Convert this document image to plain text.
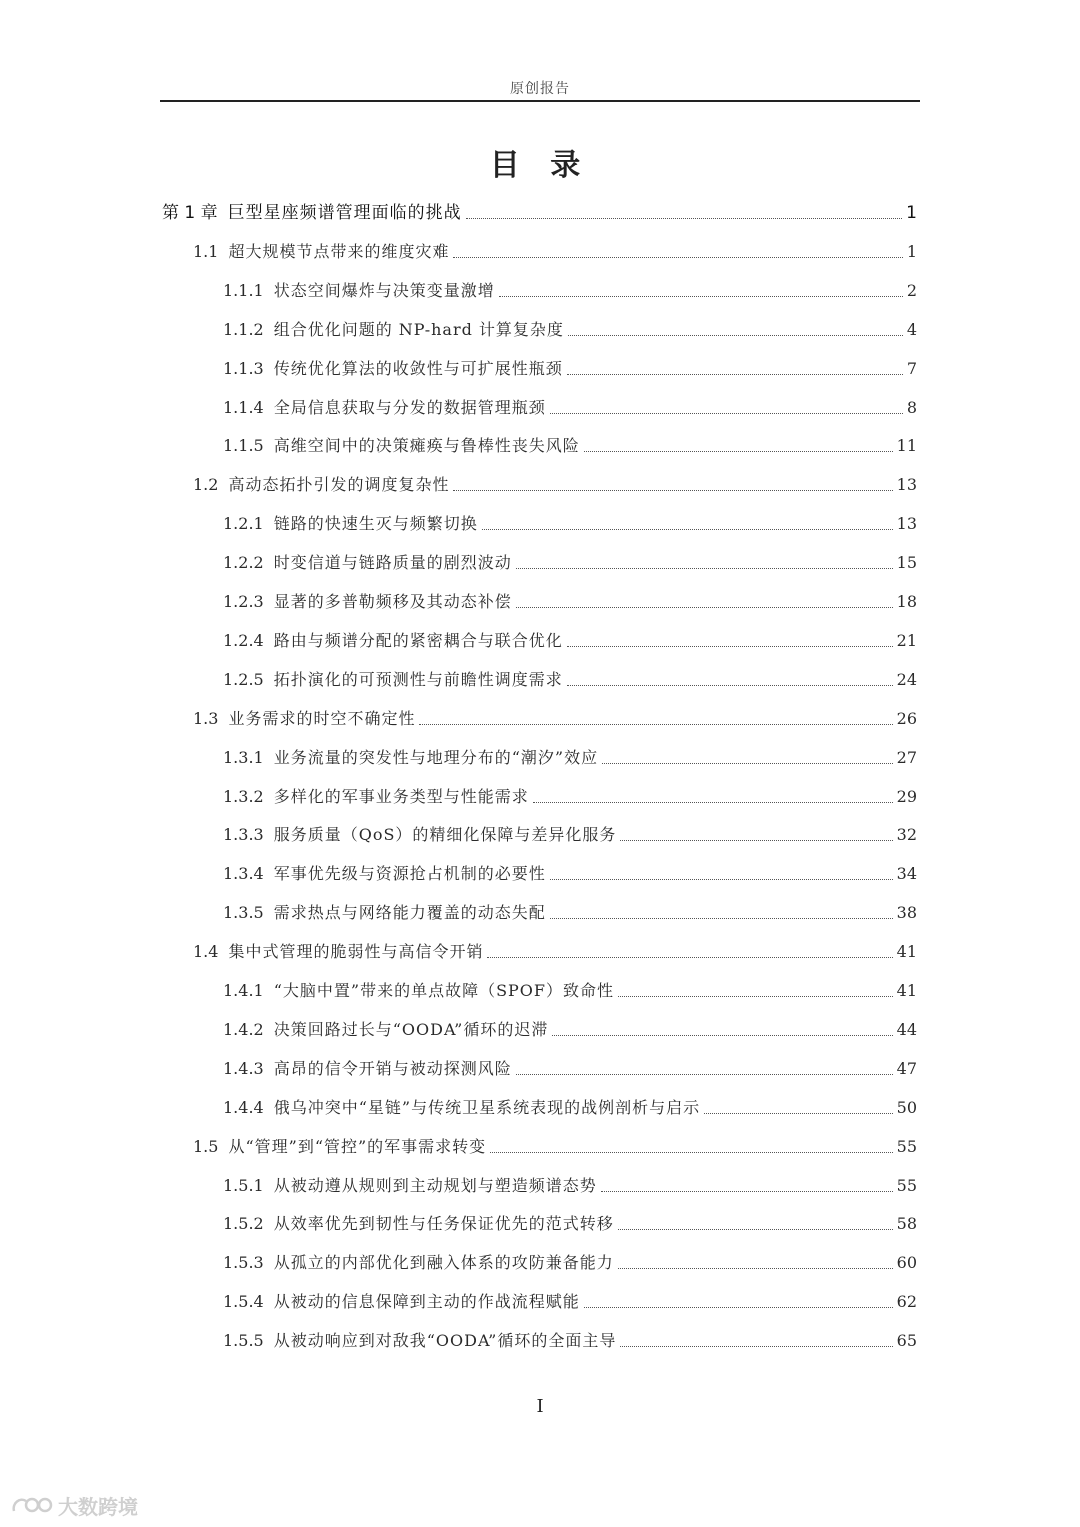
原创报告
目 录
第 1 章 巨型星座频谱管理面临的挑战	1
1.1 超大规模节点带来的维度灾难	1
1.1.1 状态空间爆炸与决策变量激增	2
1.1.2 组合优化问题的 NP-hard 计算复杂度	4
1.1.3 传统优化算法的收敛性与可扩展性瓶颈	7
1.1.4 全局信息获取与分发的数据管理瓶颈	8
1.1.5 高维空间中的决策瘫痪与鲁棒性丧失风险	11
1.2 高动态拓扑引发的调度复杂性	13
1.2.1 链路的快速生灭与频繁切换	13
1.2.2 时变信道与链路质量的剧烈波动	15
1.2.3 显著的多普勒频移及其动态补偿	18
1.2.4 路由与频谱分配的紧密耦合与联合优化	21
1.2.5 拓扑演化的可预测性与前瞻性调度需求	24
1.3 业务需求的时空不确定性	26
1.3.1 业务流量的突发性与地理分布的“潮汐”效应	27
1.3.2 多样化的军事业务类型与性能需求	29
1.3.3 服务质量（QoS）的精细化保障与差异化服务	32
1.3.4 军事优先级与资源抢占机制的必要性	34
1.3.5 需求热点与网络能力覆盖的动态失配	38
1.4 集中式管理的脆弱性与高信令开销	41
1.4.1 “大脑中置”带来的单点故障（SPOF）致命性	41
1.4.2 决策回路过长与“OODA”循环的迟滞	44
1.4.3 高昂的信令开销与被动探测风险	47
1.4.4 俄乌冲突中“星链”与传统卫星系统表现的战例剖析与启示	50
1.5 从“管理”到“管控”的军事需求转变	55
1.5.1 从被动遵从规则到主动规划与塑造频谱态势	55
1.5.2 从效率优先到韧性与任务保证优先的范式转移	58
1.5.3 从孤立的内部优化到融入体系的攻防兼备能力	60
1.5.4 从被动的信息保障到主动的作战流程赋能	62
1.5.5 从被动响应到对敌我“OODA”循环的全面主导	65
I
大数跨境
